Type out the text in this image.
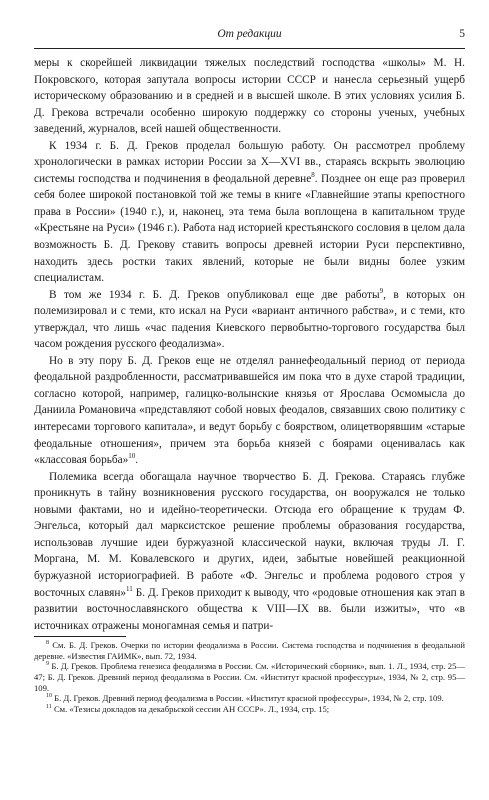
От редакции	5

меры к скорейшей ликвидации тяжелых последствий господства «школы» М. Н. Покровского, которая запутала вопросы истории СССР и нанесла серьезный ущерб историческому образованию и в средней и в высшей школе. В этих условиях усилия Б. Д. Грекова встречали особенно широкую поддержку со стороны ученых, учебных заведений, журналов, всей нашей общественности.

К 1934 г. Б. Д. Греков проделал большую работу. Он рассмотрел проблему хронологически в рамках истории России за X—XVI вв., стараясь вскрыть эволюцию системы господства и подчинения в феодальной деревне$^8$. Позднее он еще раз проверил себя более широкой постановкой той же темы в книге «Главнейшие этапы крепостного права в России» (1940 г.), и, наконец, эта тема была воплощена в капитальном труде «Крестьяне на Руси» (1946 г.). Работа над историей крестьянского сословия в целом дала возможность Б. Д. Грекову ставить вопросы древней истории Руси перспективно, находить здесь ростки таких явлений, которые не были видны более узким специалистам.

В том же 1934 г. Б. Д. Греков опубликовал еще две работы$^9$, в которых он полемизировал и с теми, кто искал на Руси «вариант античного рабства», и с теми, кто утверждал, что лишь «час падения Киевского первобытно-торгового государства был часом рождения русского феодализма».

Но в эту пору Б. Д. Греков еще не отделял раннефеодальный период от периода феодальной раздробленности, рассматривавшейся им пока что в духе старой традиции, согласно которой, например, галицко-волынские князья от Ярослава Осмомысла до Даниила Романовича «представляют собой новых феодалов, связавших свою политику с интересами торгового капитала», и ведут борьбу с боярством, олицетворявшим «старые феодальные отношения», причем эта борьба князей с боярами оценивалась как «классовая борьба»$^{10}$.

Полемика всегда обогащала научное творчество Б. Д. Грекова. Стараясь глубже проникнуть в тайну возникновения русского государства, он вооружался не только новыми фактами, но и идейно-теоретически. Отсюда его обращение к трудам Ф. Энгельса, который дал марксистское решение проблемы образования государства, использовав лучшие идеи буржуазной классической науки, включая труды Л. Г. Моргана, М. М. Ковалевского и других, идеи, забытые новейшей реакционной буржуазной историографией. В работе «Ф. Энгельс и проблема родового строя у восточных славян»$^{11}$ Б. Д. Греков приходит к выводу, что «родовые отношения как этап в развитии восточнославянского общества к VIII—IX вв. были изжиты», что «в источниках отражены моногамная семья и патри-

$^8$ См. Б. Д. Греков. Очерки по истории феодализма в России. Система господства и подчинения в феодальной деревне. «Известия ГАИМК», вып. 72, 1934.

$^9$ Б. Д. Греков. Проблема генезиса феодализма в России. См. «Исторический сборник», вып. 1. Л., 1934, стр. 25—47; Б. Д. Греков. Древний период феодализма в России. См. «Институт красной профессуры», 1934, № 2, стр. 95—109.

$^{10}$ Б. Д. Греков. Древний период феодализма в России. «Институт красной профессуры», 1934, № 2, стр. 109.

$^{11}$ См. «Тезисы докладов на декабрьской сессии АН СССР». Л., 1934, стр. 15;
